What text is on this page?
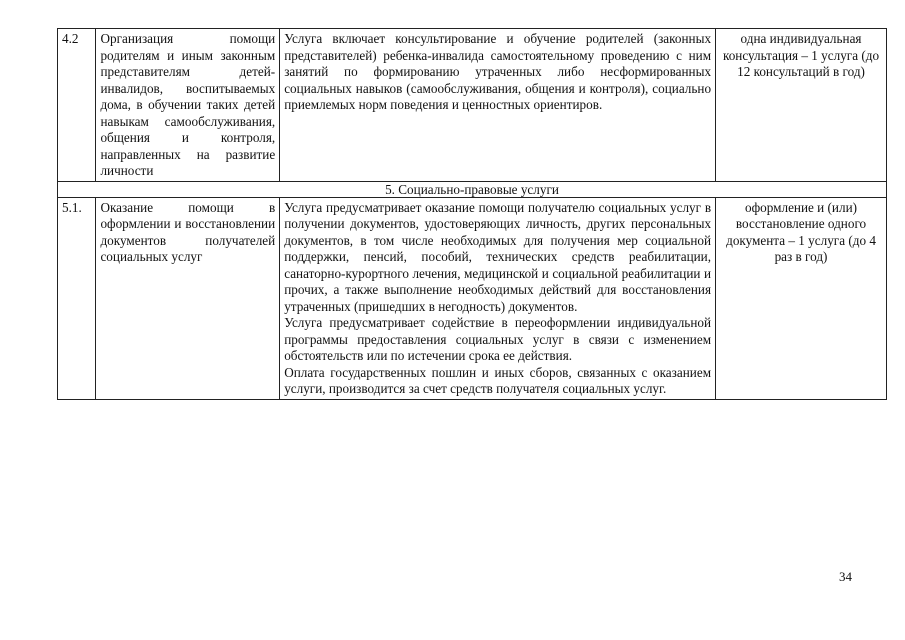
4.2	Организация помощи родителям и иным законным представителям детей-инвалидов, воспитываемых дома, в обучении таких детей навыкам самообслуживания, общения и контроля, направленных на развитие личности	Услуга включает консультирование и обучение родителей (законных представителей) ребенка-инвалида самостоятельному проведению с ним занятий по формированию утраченных либо несформированных социальных навыков (самообслуживания, общения и контроля), социально приемлемых норм поведения и ценностных ориентиров.	одна индивидуальная консультация – 1 услуга (до 12 консультаций в год)
5. Социально-правовые услуги			
5.1.	Оказание помощи в оформлении и восстановлении документов получателей социальных услуг	Услуга предусматривает оказание помощи получателю социальных услуг в получении документов, удостоверяющих личность, других персональных документов, в том числе необходимых для получения мер социальной поддержки, пенсий, пособий, технических средств реабилитации, санаторно-курортного лечения, медицинской и социальной реабилитации и прочих, а также выполнение необходимых действий для восстановления утраченных (пришедших в негодность) документов.
Услуга предусматривает содействие в переоформлении индивидуальной программы предоставления социальных услуг в связи с изменением обстоятельств или по истечении срока ее действия.
Оплата государственных пошлин и иных сборов, связанных с оказанием услуги, производится за счет средств получателя социальных услуг.	оформление и (или) восстановление одного документа – 1 услуга (до 4 раз в год)
34
